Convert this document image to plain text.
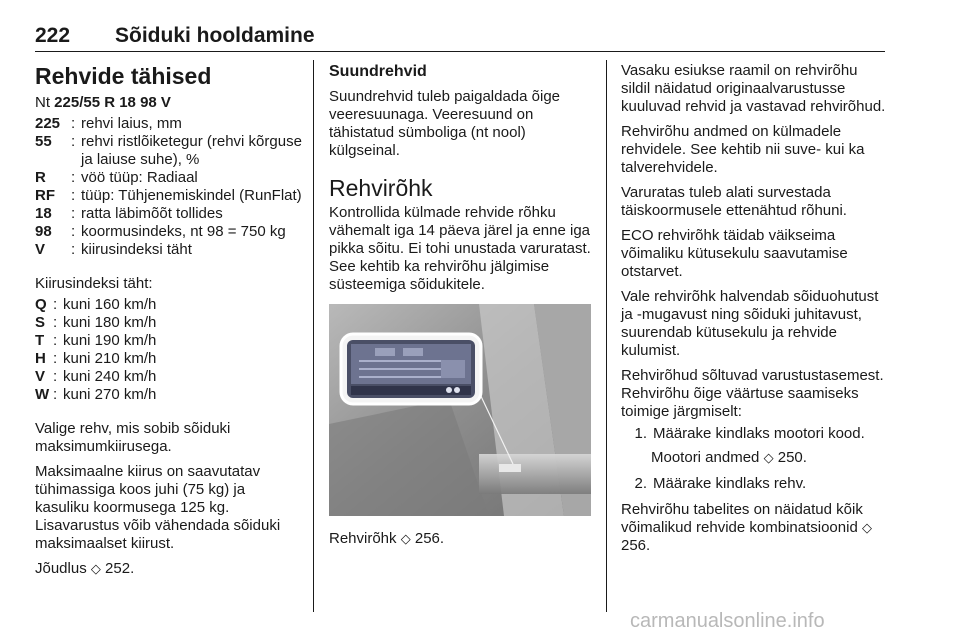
222 Sõiduki hooldamine
Rehvide tähised

Nt 225/55 R 18 98 V

225 : rehvi laius, mm
55	: rehvi ristlõiketegur (rehvi kõrguse ja laiuse suhe), %
R	: vöö tüüp: Radiaal
RF	: tüüp: Tühjenemiskindel (RunFlat)
18	: ratta läbimõõt tollides
98	: koormusindeks, nt 98 = 750 kg
V	: kiirusindeksi täht

Kiirusindeksi täht:

Q : kuni 160 km/h
S : kuni 180 km/h
T : kuni 190 km/h
H : kuni 210 km/h
V : kuni 240 km/h
W : kuni 270 km/h

Valige rehv, mis sobib sõiduki maksimumkiirusega.

Maksimaalne kiirus on saavutatav tühimassiga koos juhi (75 kg) ja kasuliku koormusega 125 kg. Lisavarustus võib vähendada sõiduki maksimaalset kiirust.

Jõudlus ◇ 252.

Suundrehvid

Suundrehvid tuleb paigaldada õige veeresuunaga. Veeresuund on tähistatud sümboliga (nt nool) külgseinal.

Rehvirõhk

Kontrollida külmade rehvide rõhku vähemalt iga 14 päeva järel ja enne iga pikka sõitu. Ei tohi unustada varuratast. See kehtib ka rehvirõhu jälgimise süsteemiga sõidukitele.

Rehvirõhk ◇ 256.

Vasaku esiukse raamil on rehvirõhu sildil näidatud originaalvarustusse kuuluvad rehvid ja vastavad rehvirõhud.

Rehvirõhu andmed on külmadele rehvidele. See kehtib nii suve- kui ka talverehvidele.

Varuratas tuleb alati survestada täiskoormusele ettenähtud rõhuni.

ECO rehvirõhk täidab väikseima võimaliku kütusekulu saavutamise otstarvet.

Vale rehvirõhk halvendab sõiduohutust ja -mugavust ning sõiduki juhitavust, suurendab kütusekulu ja rehvide kulumist.

Rehvirõhud sõltuvad varustustasemest. Rehvirõhu õige väärtuse saamiseks toimige järgmiselt:

1. Määrake kindlaks mootori kood.
Mootori andmed ◇ 250.
2. Määrake kindlaks rehv.

Rehvirõhu tabelites on näidatud kõik võimalikud rehvide kombinatsioonid ◇ 256.

carmanualsonline.info
